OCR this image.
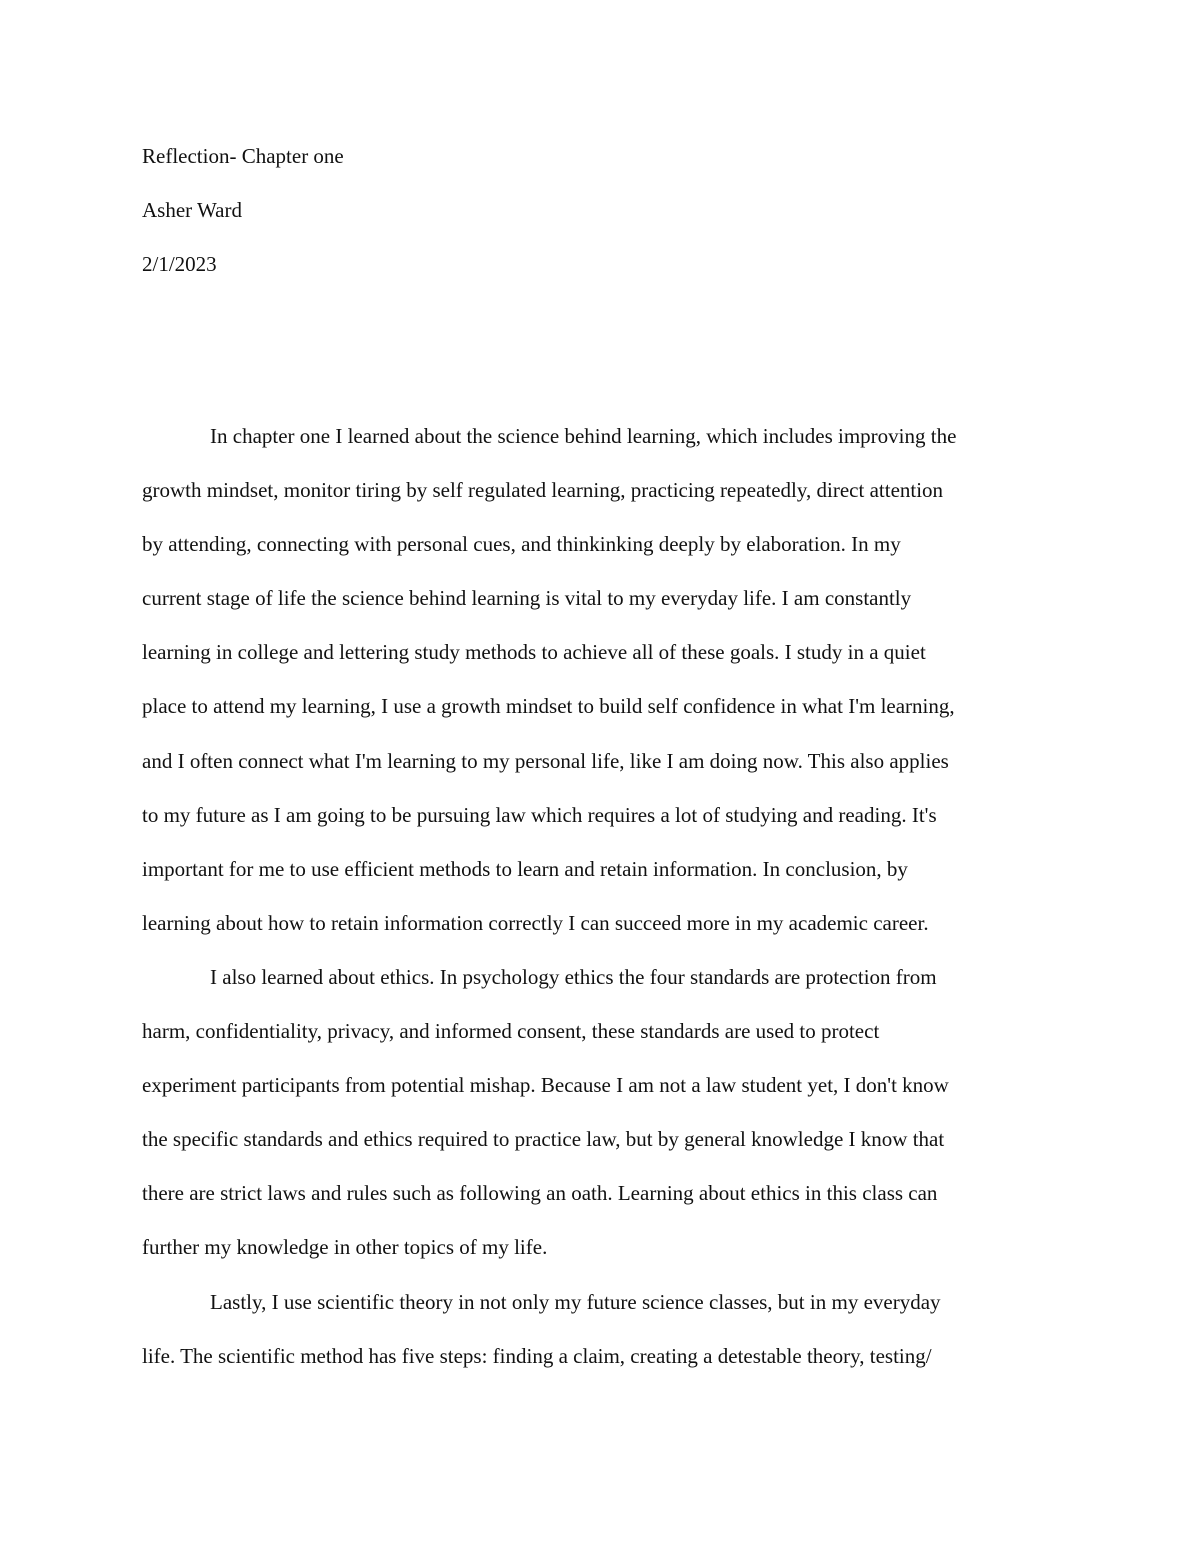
Reflection- Chapter one
Asher Ward
2/1/2023
In chapter one I learned about the science behind learning, which includes improving the
growth mindset, monitor tiring by self regulated learning, practicing repeatedly, direct attention
by attending, connecting with personal cues, and thinkinking deeply by elaboration. In my
current stage of life the science behind learning is vital to my everyday life. I am constantly
learning in college and lettering study methods to achieve all of these goals. I study in a quiet
place to attend my learning, I use a growth mindset to build self confidence in what I'm learning,
and I often connect what I'm learning to my personal life, like I am doing now. This also applies
to my future as I am going to be pursuing law which requires a lot of studying and reading. It's
important for me to use efficient methods to learn and retain information. In conclusion, by
learning about how to retain information correctly I can succeed more in my academic career.
I also learned about ethics. In psychology ethics the four standards are protection from
harm, confidentiality, privacy, and informed consent, these standards are used to protect
experiment participants from potential mishap. Because I am not a law student yet, I don't know
the specific standards and ethics required to practice law, but by general knowledge I know that
there are strict laws and rules such as following an oath. Learning about ethics in this class can
further my knowledge in other topics of my life.
Lastly, I use scientific theory in not only my future science classes, but in my everyday
life. The scientific method has five steps: finding a claim, creating a detestable theory, testing/
